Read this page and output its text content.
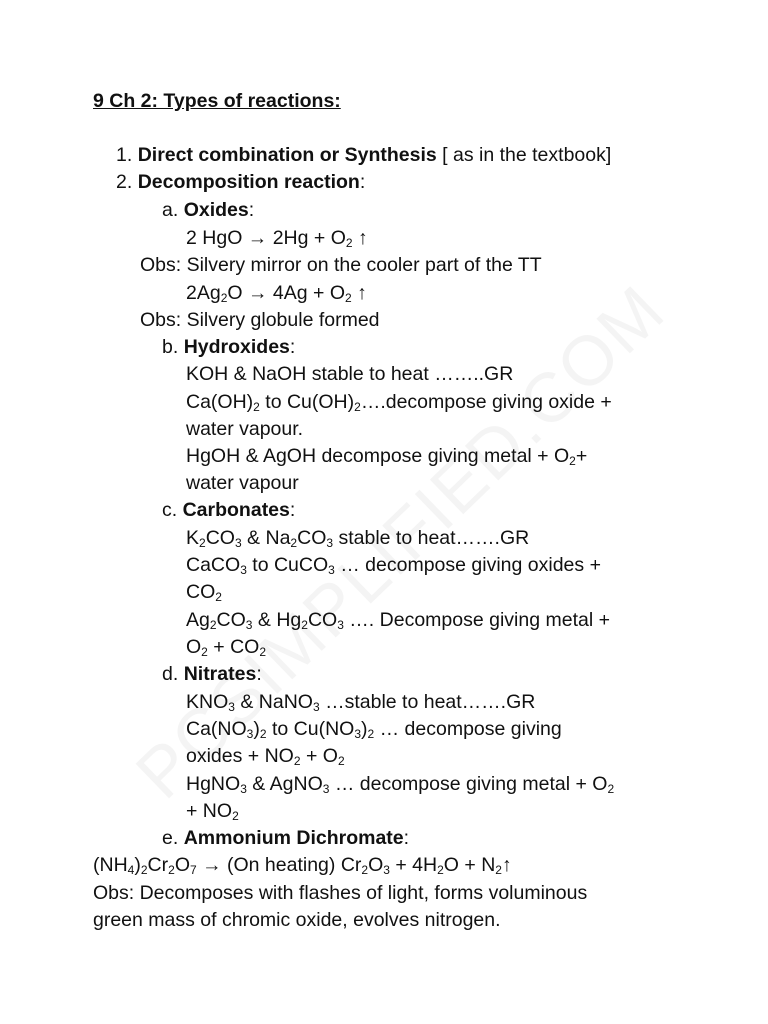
9 Ch 2: Types of reactions:
1. Direct combination or Synthesis [ as in the textbook]
2. Decomposition reaction:
a. Oxides:
2 HgO → $2Hg + O_2$ ↑
Obs: Silvery mirror on the cooler part of the TT
$2Ag_2O \to 4Ag + O_2$ ↑
Obs: Silvery globule formed
b. Hydroxides:
KOH & NaOH stable to heat ……..GR
$Ca(OH)_2$ to $Cu(OH)_2\dots.decompose$ giving oxide +
water vapour.
HgOH & AgOH decompose giving metal + $O_2+$
water vapour
c. Carbonates:
$K_2CO_3$ & $Na_2CO_3$ stable to heat…….GR
CaCO$_3$ to CuCO$_3$ … decompose giving oxides +
$CO_2$
$Ag_2CO_3$ & $Hg_2CO_3$ …. Decompose giving metal +
$O_2 + CO_2$
d. Nitrates:
$KNO_3$ & NaNO$_3$ …stable to heat…….GR
$Ca(NO_3)_2$ to $Cu(NO_3)_2$ … decompose giving
oxides + $NO_2 + O_2$
HgNO$_3$ & AgNO$_3$ … decompose giving metal + $O_2$
+ $NO_2$
e. Ammonium Dichromate:
$(NH_4)_2Cr_2O_7 \to (On$ heating) $Cr_2O_3 + 4H_2O$ + $N_2↑$
Obs: Decomposes with flashes of light, forms voluminous
green mass of chromic oxide, evolves nitrogen.
